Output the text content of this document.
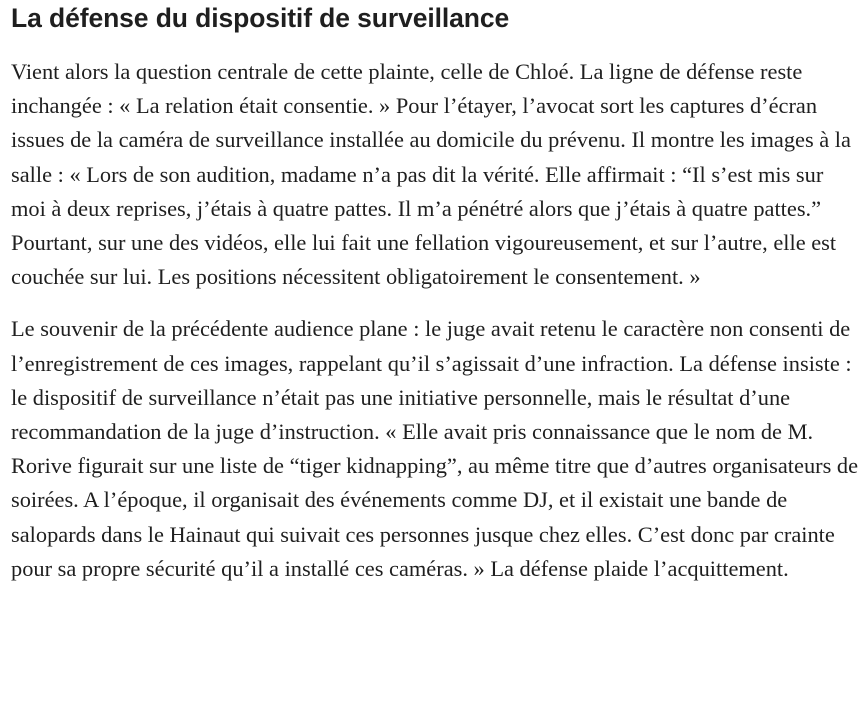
La défense du dispositif de surveillance

Vient alors la question centrale de cette plainte, celle de Chloé. La ligne de défense reste inchangée : « La relation était consentie. » Pour l’étayer, l’avocat sort les captures d’écran issues de la caméra de surveillance installée au domicile du prévenu. Il montre les images à la salle : « Lors de son audition, madame n’a pas dit la vérité. Elle affirmait : “Il s’est mis sur moi à deux reprises, j’étais à quatre pattes. Il m’a pénétré alors que j’étais à quatre pattes.” Pourtant, sur une des vidéos, elle lui fait une fellation vigoureusement, et sur l’autre, elle est couchée sur lui. Les positions nécessitent obligatoirement le consentement. »

Le souvenir de la précédente audience plane : le juge avait retenu le caractère non consenti de l’enregistrement de ces images, rappelant qu’il s’agissait d’une infraction. La défense insiste : le dispositif de surveillance n’était pas une initiative personnelle, mais le résultat d’une recommandation de la juge d’instruction. « Elle avait pris connaissance que le nom de M. Rorive figurait sur une liste de “tiger kidnapping”, au même titre que d’autres organisateurs de soirées. A l’époque, il organisait des événements comme DJ, et il existait une bande de salopards dans le Hainaut qui suivait ces personnes jusque chez elles. C’est donc par crainte pour sa propre sécurité qu’il a installé ces caméras. » La défense plaide l’acquittement.
